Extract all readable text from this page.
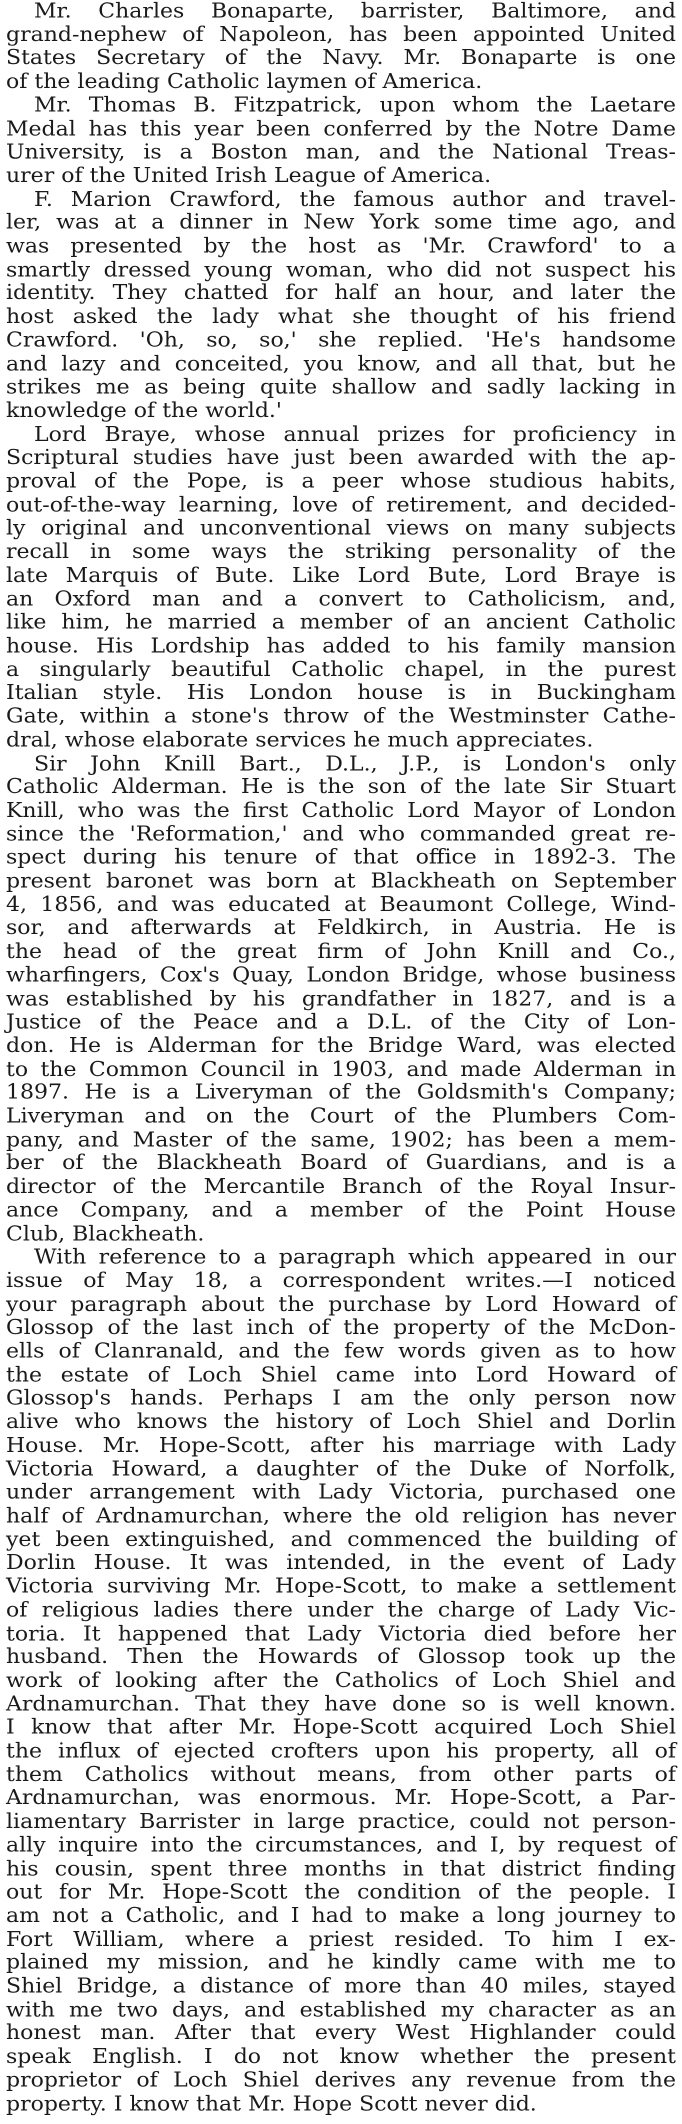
Mr. Charles Bonaparte, barrister, Baltimore, and
grand-nephew of Napoleon, has been appointed United
States Secretary of the Navy. Mr. Bonaparte is one
of the leading Catholic laymen of America.
Mr. Thomas B. Fitzpatrick, upon whom the Laetare
Medal has this year been conferred by the Notre Dame
University, is a Boston man, and the National Treas-
urer of the United Irish League of America.
F. Marion Crawford, the famous author and travel-
ler, was at a dinner in New York some time ago, and
was presented by the host as 'Mr. Crawford' to a
smartly dressed young woman, who did not suspect his
identity. They chatted for half an hour, and later the
host asked the lady what she thought of his friend
Crawford. 'Oh, so, so,' she replied. 'He's handsome
and lazy and conceited, you know, and all that, but he
strikes me as being quite shallow and sadly lacking in
knowledge of the world.'
Lord Braye, whose annual prizes for proficiency in
Scriptural studies have just been awarded with the ap-
proval of the Pope, is a peer whose studious habits,
out-of-the-way learning, love of retirement, and decided-
ly original and unconventional views on many subjects
recall in some ways the striking personality of the
late Marquis of Bute. Like Lord Bute, Lord Braye is
an Oxford man and a convert to Catholicism, and,
like him, he married a member of an ancient Catholic
house. His Lordship has added to his family mansion
a singularly beautiful Catholic chapel, in the purest
Italian style. His London house is in Buckingham
Gate, within a stone's throw of the Westminster Cathe-
dral, whose elaborate services he much appreciates.
Sir John Knill Bart., D.L., J.P., is London's only
Catholic Alderman. He is the son of the late Sir Stuart
Knill, who was the first Catholic Lord Mayor of London
since the 'Reformation,' and who commanded great re-
spect during his tenure of that office in 1892-3. The
present baronet was born at Blackheath on September
4, 1856, and was educated at Beaumont College, Wind-
sor, and afterwards at Feldkirch, in Austria. He is
the head of the great firm of John Knill and Co.,
wharfingers, Cox's Quay, London Bridge, whose business
was established by his grandfather in 1827, and is a
Justice of the Peace and a D.L. of the City of Lon-
don. He is Alderman for the Bridge Ward, was elected
to the Common Council in 1903, and made Alderman in
1897. He is a Liveryman of the Goldsmith's Company;
Liveryman and on the Court of the Plumbers Com-
pany, and Master of the same, 1902; has been a mem-
ber of the Blackheath Board of Guardians, and is a
director of the Mercantile Branch of the Royal Insur-
ance Company, and a member of the Point House
Club, Blackheath.
With reference to a paragraph which appeared in our
issue of May 18, a correspondent writes.—I noticed
your paragraph about the purchase by Lord Howard of
Glossop of the last inch of the property of the McDon-
ells of Clanranald, and the few words given as to how
the estate of Loch Shiel came into Lord Howard of
Glossop's hands. Perhaps I am the only person now
alive who knows the history of Loch Shiel and Dorlin
House. Mr. Hope-Scott, after his marriage with Lady
Victoria Howard, a daughter of the Duke of Norfolk,
under arrangement with Lady Victoria, purchased one
half of Ardnamurchan, where the old religion has never
yet been extinguished, and commenced the building of
Dorlin House. It was intended, in the event of Lady
Victoria surviving Mr. Hope-Scott, to make a settlement
of religious ladies there under the charge of Lady Vic-
toria. It happened that Lady Victoria died before her
husband. Then the Howards of Glossop took up the
work of looking after the Catholics of Loch Shiel and
Ardnamurchan. That they have done so is well known.
I know that after Mr. Hope-Scott acquired Loch Shiel
the influx of ejected crofters upon his property, all of
them Catholics without means, from other parts of
Ardnamurchan, was enormous. Mr. Hope-Scott, a Par-
liamentary Barrister in large practice, could not person-
ally inquire into the circumstances, and I, by request of
his cousin, spent three months in that district finding
out for Mr. Hope-Scott the condition of the people. I
am not a Catholic, and I had to make a long journey to
Fort William, where a priest resided. To him I ex-
plained my mission, and he kindly came with me to
Shiel Bridge, a distance of more than 40 miles, stayed
with me two days, and established my character as an
honest man. After that every West Highlander could
speak English. I do not know whether the present
proprietor of Loch Shiel derives any revenue from the
property. I know that Mr. Hope Scott never did.
